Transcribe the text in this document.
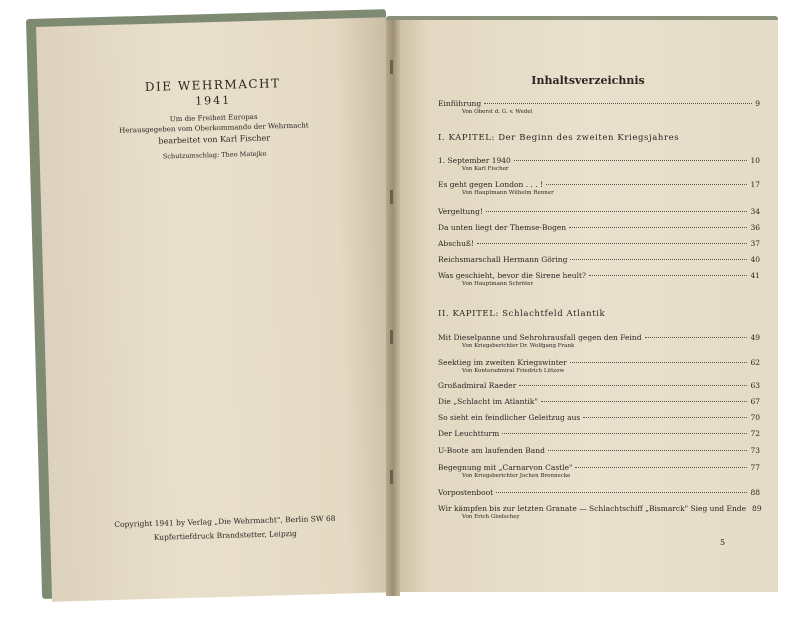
DIE WEHRMACHT
1941
Um die Freiheit Europas
Herausgegeben vom Oberkommando der Wehrmacht
bearbeitet von Karl Fischer
Schutzumschlag: Theo Matejko
Copyright 1941 by Verlag „Die Wehrmacht", Berlin SW 68
Kupfertiefdruck Brandstetter, Leipzig
Inhaltsverzeichnis
Einführung	9
Von Oberst d. G. v. Wedel
I. KAPITEL: Der Beginn des zweiten Kriegsjahres
1. September 1940	10
Von Karl Fischer
Es geht gegen London . . . !	17
Von Hauptmann Wilhelm Renner
Vergeltung!	34
Da unten liegt der Themse-Bogen	36
Abschuß!	37
Reichsmarschall Hermann Göring	40
Was geschieht, bevor die Sirene heult?	41
Von Hauptmann Schröter
II. KAPITEL: Schlachtfeld Atlantik
Mit Dieselpanne und Sehrohrausfall gegen den Feind	49
Von Kriegsberichter Dr. Wolfgang Frank
Seektieg im zweiten Kriegswinter	62
Von Konteradmiral Friedrich Lützow
Großadmiral Raeder	63
Die „Schlacht im Atlantik"	67
So sieht ein feindlicher Geleitzug aus	70
Der Leuchtturm	72
U-Boote am laufenden Band	73
Begegnung mit „Carnarvon Castle"	77
Von Kriegsberichter Jochen Brennecke
Vorpostenboot	88
Wir kämpfen bis zur letzten Granate — Schlachtschiff „Bismarck" Sieg und Ende 89
Von Erich Glodschey
5
